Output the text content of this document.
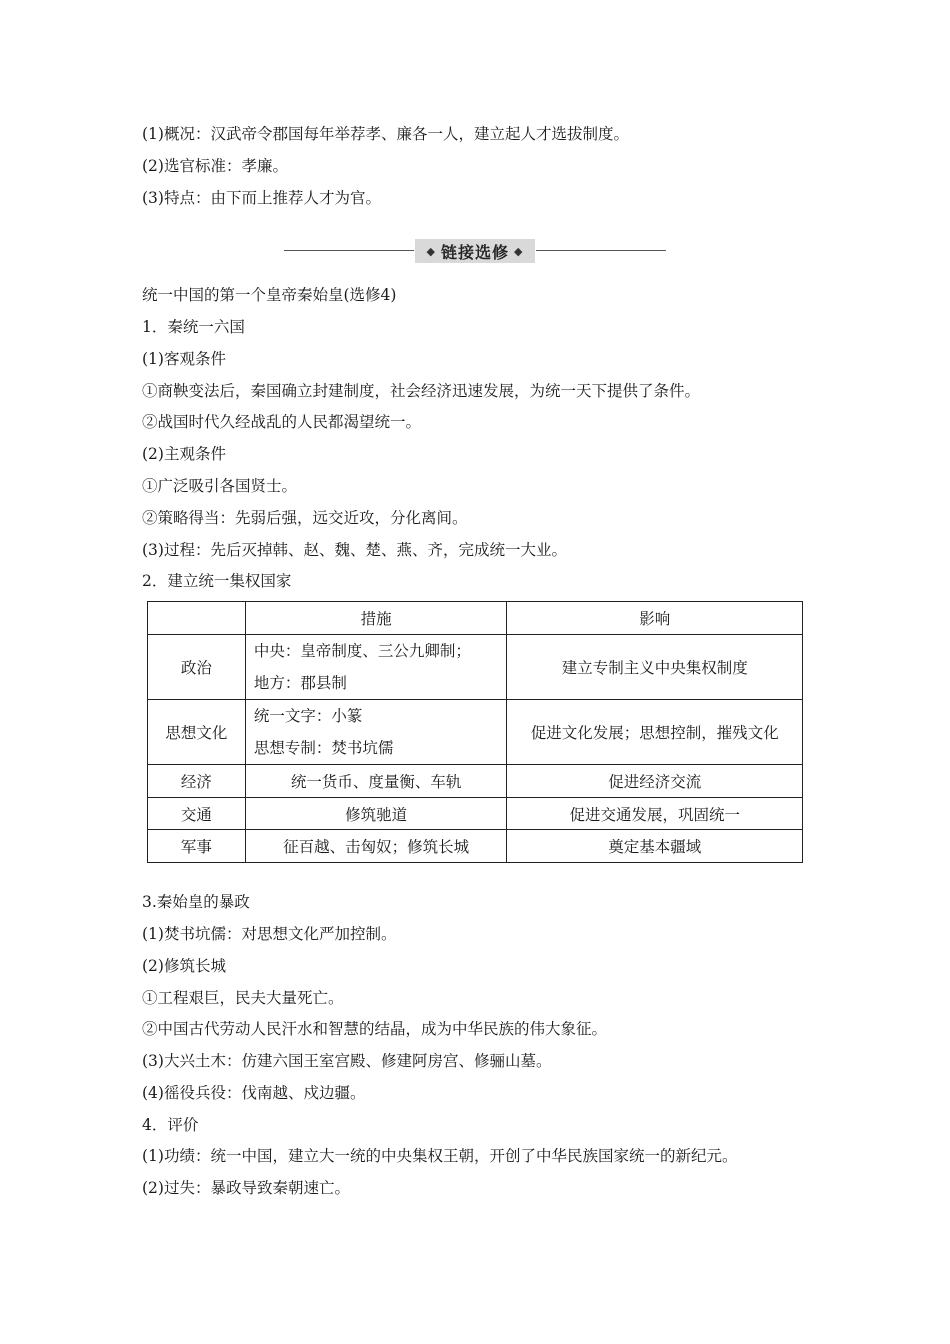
(1)概况：汉武帝令郡国每年举荐孝、廉各一人，建立起人才选拔制度。
(2)选官标准：孝廉。
(3)特点：由下而上推荐人才为官。
◆ 链接选修 ◆
统一中国的第一个皇帝秦始皇(选修4)
1．秦统一六国
(1)客观条件
①商鞅变法后，秦国确立封建制度，社会经济迅速发展，为统一天下提供了条件。
②战国时代久经战乱的人民都渴望统一。
(2)主观条件
①广泛吸引各国贤士。
②策略得当：先弱后强，远交近攻，分化离间。
(3)过程：先后灭掉韩、赵、魏、楚、燕、齐，完成统一大业。
2．建立统一集权国家
	措施	影响
政治	中央：皇帝制度、三公九卿制；
地方：郡县制	建立专制主义中央集权制度
思想文化	统一文字：小篆
思想专制：焚书坑儒	促进文化发展；思想控制，摧残文化
经济	统一货币、度量衡、车轨	促进经济交流
交通	修筑驰道	促进交通发展，巩固统一
军事	征百越、击匈奴；修筑长城	奠定基本疆域
3.秦始皇的暴政
(1)焚书坑儒：对思想文化严加控制。
(2)修筑长城
①工程艰巨，民夫大量死亡。
②中国古代劳动人民汗水和智慧的结晶，成为中华民族的伟大象征。
(3)大兴土木：仿建六国王室宫殿、修建阿房宫、修骊山墓。
(4)徭役兵役：伐南越、戍边疆。
4．评价
(1)功绩：统一中国，建立大一统的中央集权王朝，开创了中华民族国家统一的新纪元。
(2)过失：暴政导致秦朝速亡。
